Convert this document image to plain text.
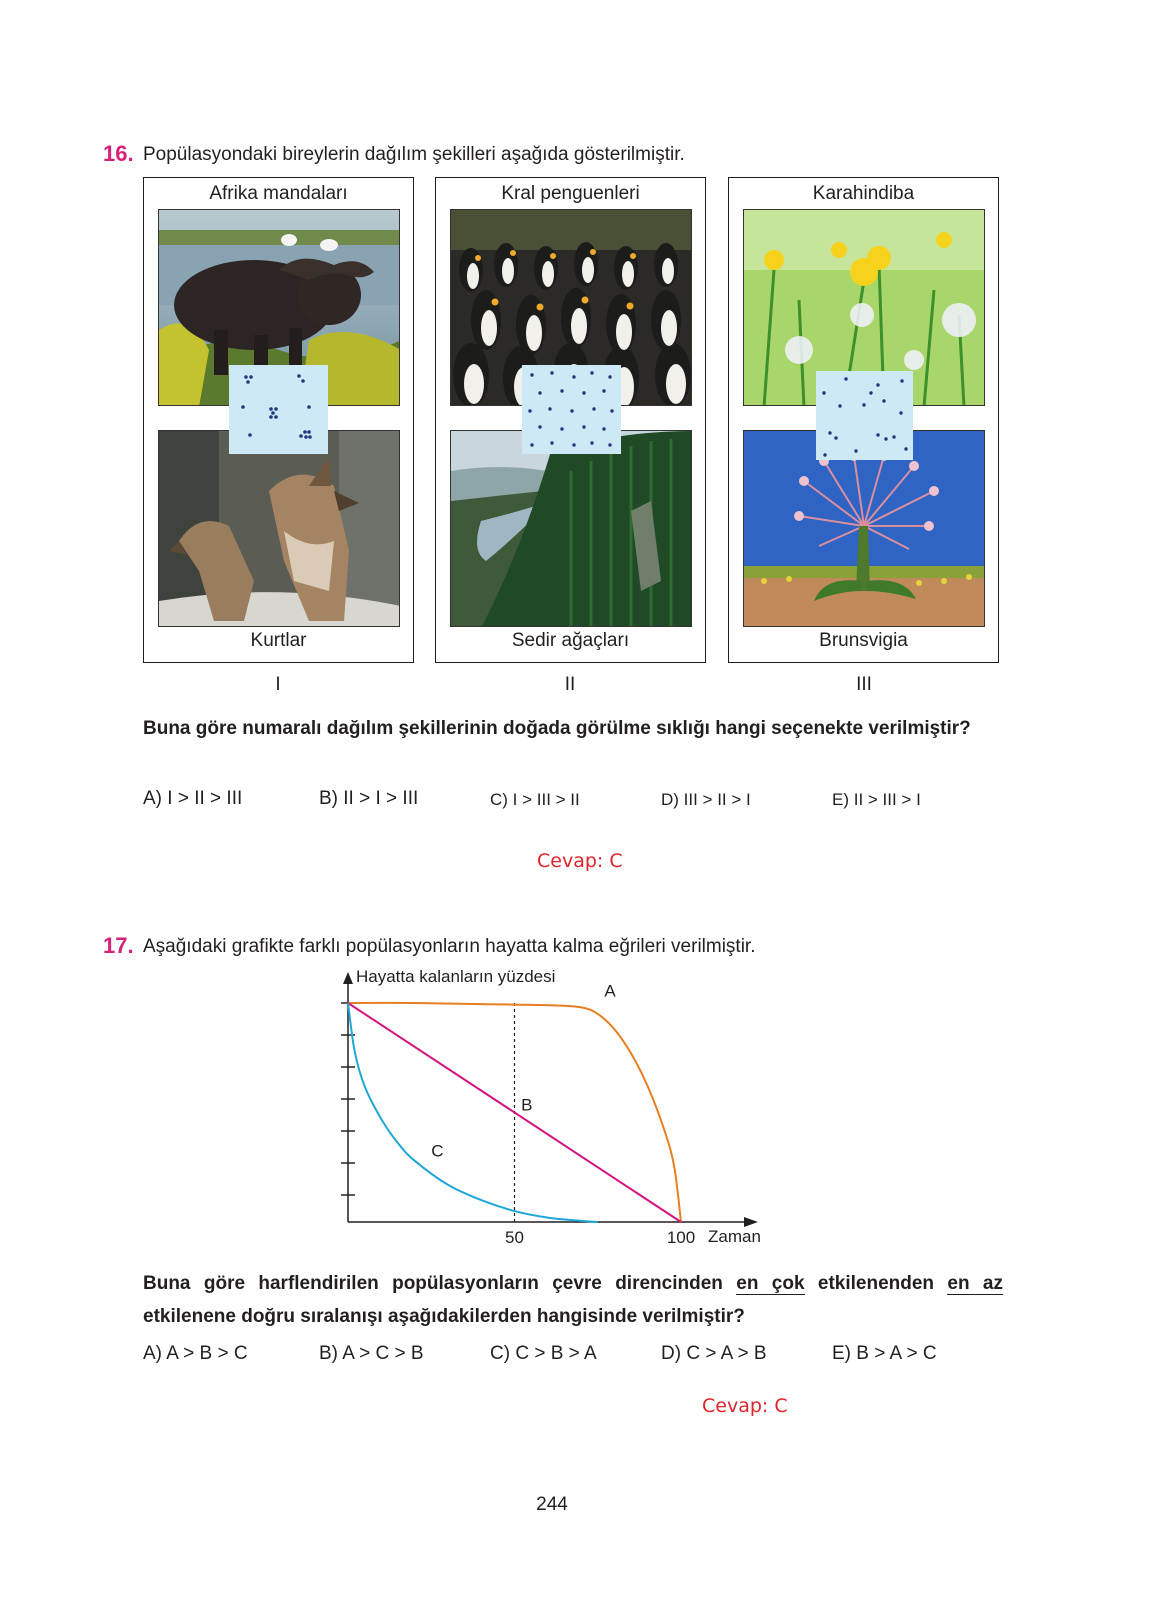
16. Popülasyondaki bireylerin dağılım şekilleri aşağıda gösterilmiştir.
Afrika mandaları
Kurtlar
Kral penguenleri
Sedir ağaçları
Karahindiba
Brunsvigia
I	II	III
Buna göre numaralı dağılım şekillerinin doğada görülme sıklığı hangi seçenekte verilmiştir?
A) I > II > III	B) II > I > III	C) I > III > II	D) III > II > I	E) II > III > I
Cevap: C
17. Aşağıdaki grafikte farklı popülasyonların hayatta kalma eğrileri verilmiştir.
Hayatta kalanların yüzdesi
Zaman
50	100
A
B
C
Buna göre harflendirilen popülasyonların çevre direncinden en çok etkilenenden en az etkilenene doğru sıralanışı aşağıdakilerden hangisinde verilmiştir?
A) A > B > C	B) A > C > B	C) C > B > A	D) C > A > B	E) B > A > C
Cevap: C
244
